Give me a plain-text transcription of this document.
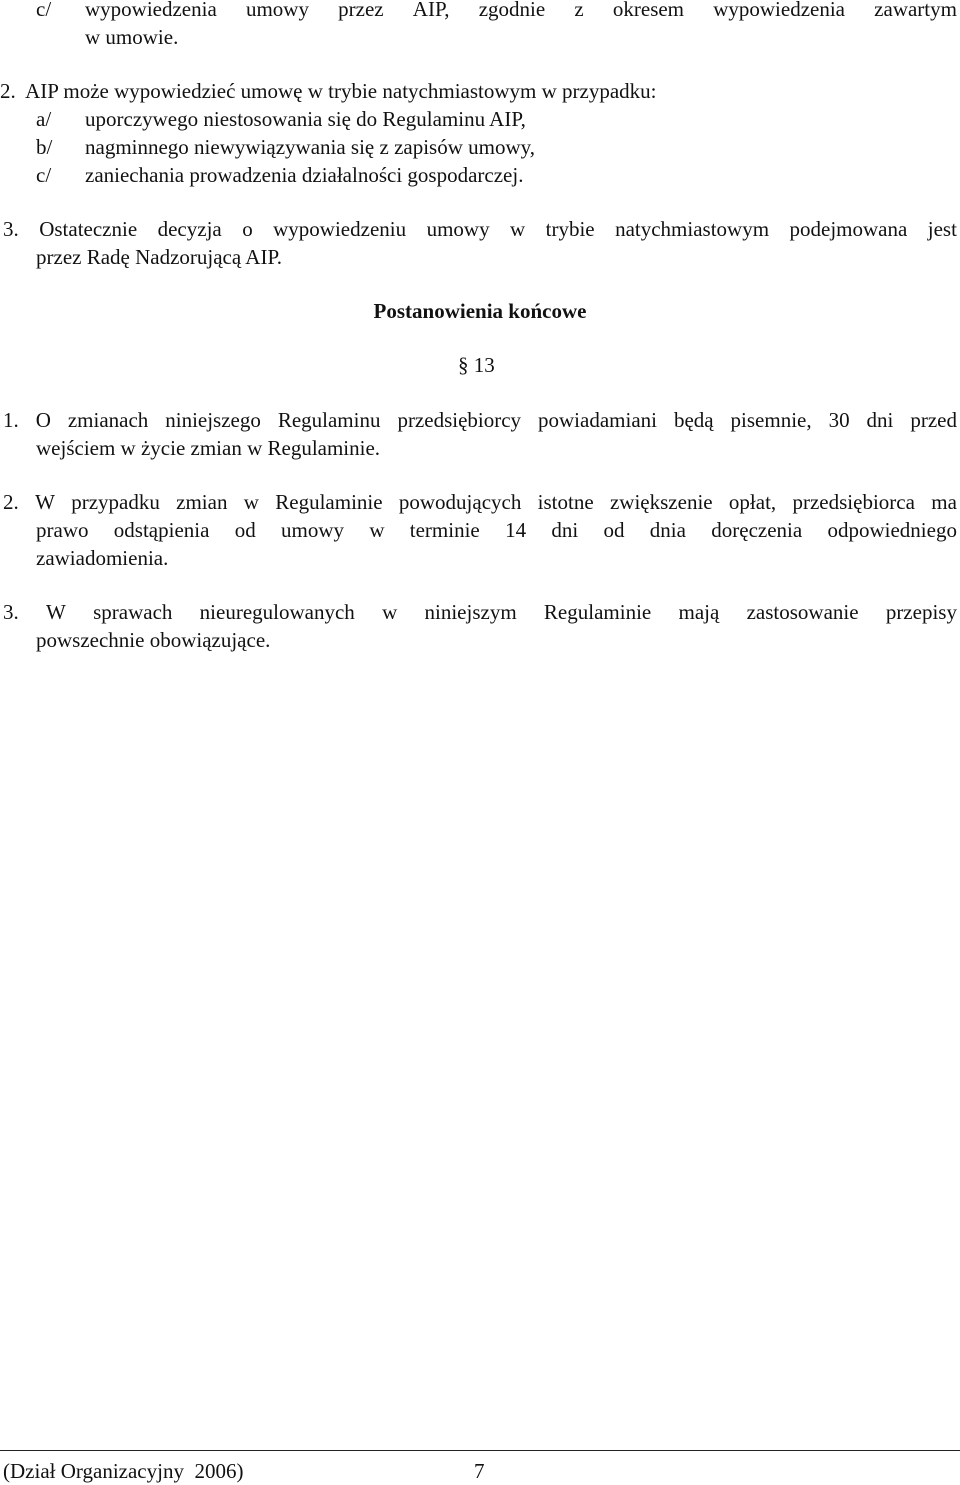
c/ wypowiedzenia umowy przez AIP, zgodnie z okresem wypowiedzenia zawartym
w umowie.
2.  AIP może wypowiedzieć umowę w trybie natychmiastowym w przypadku:
a/ uporczywego niestosowania się do Regulaminu AIP,
b/ nagminnego niewywiązywania się z zapisów umowy,
c/ zaniechania prowadzenia działalności gospodarczej.
3. Ostatecznie decyzja o wypowiedzeniu umowy w trybie natychmiastowym podejmowana jest
przez Radę Nadzorującą AIP.
Postanowienia końcowe
§ 13
1. O zmianach niniejszego Regulaminu przedsiębiorcy powiadamiani będą pisemnie, 30 dni przed
wejściem w życie zmian w Regulaminie.
2. W przypadku zmian w Regulaminie powodujących istotne zwiększenie opłat, przedsiębiorca ma
prawo odstąpienia od umowy w terminie 14 dni od dnia doręczenia odpowiedniego
zawiadomienia.
3. W sprawach nieuregulowanych w niniejszym Regulaminie mają zastosowanie przepisy
powszechnie obowiązujące.
(Dział Organizacyjny  2006)	7
